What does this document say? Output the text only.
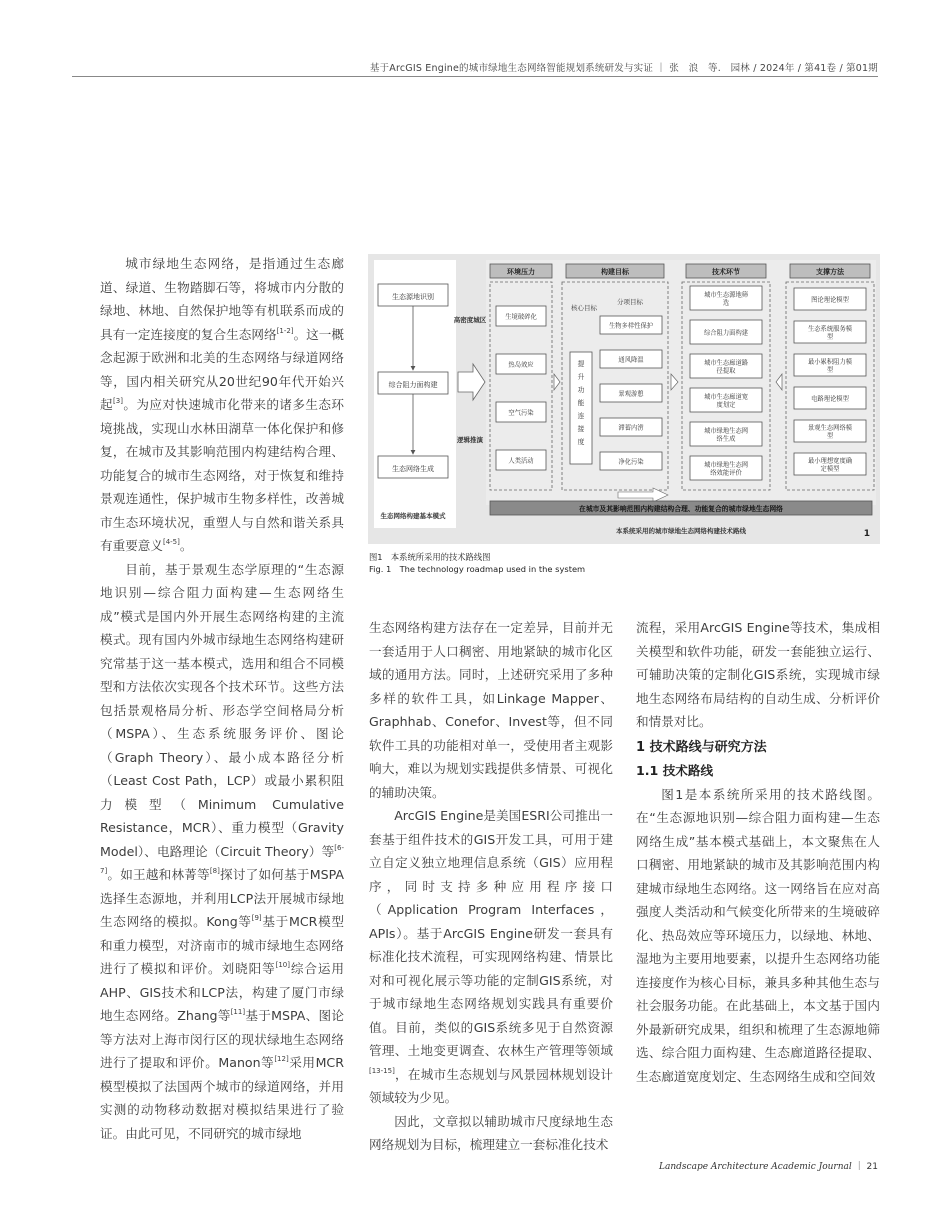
基于ArcGIS Engine的城市绿地生态网络智能规划系统研发与实证 ｜ 张　浪　等.　园林 / 2024年 / 第41卷 / 第01期

城市绿地生态网络，是指通过生态廊道、绿道、生物踏脚石等，将城市内分散的绿地、林地、自然保护地等有机联系而成的具有一定连接度的复合生态网络[1-2]。这一概念起源于欧洲和北美的生态网络与绿道网络等，国内相关研究从20世纪90年代开始兴起[3]。为应对快速城市化带来的诸多生态环境挑战，实现山水林田湖草一体化保护和修复，在城市及其影响范围内构建结构合理、功能复合的城市生态网络，对于恢复和维持景观连通性，保护城市生物多样性，改善城市生态环境状况，重塑人与自然和谐关系具有重要意义[4-5]。

目前，基于景观生态学原理的“生态源地识别—综合阻力面构建—生态网络生成”模式是国内外开展生态网络构建的主流模式。现有国内外城市绿地生态网络构建研究常基于这一基本模式，选用和组合不同模型和方法依次实现各个技术环节。这些方法包括景观格局分析、形态学空间格局分析（MSPA）、生态系统服务评价、图论（Graph Theory）、最小成本路径分析（Least Cost Path，LCP）或最小累积阻力模型（Minimum Cumulative Resistance，MCR）、重力模型（Gravity Model）、电路理论（Circuit Theory）等[6-7]。如王越和林菁等[8]探讨了如何基于MSPA选择生态源地，并利用LCP法开展城市绿地生态网络的模拟。Kong等[9]基于MCR模型和重力模型，对济南市的城市绿地生态网络进行了模拟和评价。刘晓阳等[10]综合运用AHP、GIS技术和LCP法，构建了厦门市绿地生态网络。Zhang等[11]基于MSPA、图论等方法对上海市闵行区的现状绿地生态网络进行了提取和评价。Manon等[12]采用MCR模型模拟了法国两个城市的绿道网络，并用实测的动物移动数据对模拟结果进行了验证。由此可见，不同研究的城市绿地

生态源地识别
综合阻力面构建
生态网络生成
生态网络构建基本模式
高密度城区
逻辑推演
环境压力	构建目标	技术环节	支撑方法
生境破碎化
热岛效应
空气污染
人类活动
核心目标
提
升
功
能
连
接
度
分项目标
生物多样性保护
通风降温
景观游憩
滞蓄内涝
净化污染
城市生态源地筛
选
综合阻力面构建
城市生态廊道路
径提取
城市生态廊道宽
度划定
城市绿地生态网
络生成
城市绿地生态网
络效能评价
图论理论模型
生态系统服务模
型
最小累积阻力模
型
电路理论模型
景观生态网络模
型
最小理想宽度确
定模型
在城市及其影响范围内构建结构合理、功能复合的城市绿地生态网络
本系统采用的城市绿地生态网络构建技术路线	1
图1　本系统所采用的技术路线图
Fig. 1　The technology roadmap used in the system

生态网络构建方法存在一定差异，目前并无一套适用于人口稠密、用地紧缺的城市化区域的通用方法。同时，上述研究采用了多种多样的软件工具，如Linkage Mapper、Graphhab、Conefor、Invest等，但不同软件工具的功能相对单一，受使用者主观影响大，难以为规划实践提供多情景、可视化的辅助决策。

ArcGIS Engine是美国ESRI公司推出一套基于组件技术的GIS开发工具，可用于建立自定义独立地理信息系统（GIS）应用程序，同时支持多种应用程序接口（Application Program Interfaces，APIs）。基于ArcGIS Engine研发一套具有标准化技术流程，可实现网络构建、情景比对和可视化展示等功能的定制GIS系统，对于城市绿地生态网络规划实践具有重要价值。目前，类似的GIS系统多见于自然资源管理、土地变更调查、农林生产管理等领域[13-15]，在城市生态规划与风景园林规划设计领域较为少见。

因此，文章拟以辅助城市尺度绿地生态网络规划为目标，梳理建立一套标准化技术

流程，采用ArcGIS Engine等技术，集成相关模型和软件功能，研发一套能独立运行、可辅助决策的定制化GIS系统，实现城市绿地生态网络布局结构的自动生成、分析评价和情景对比。

1 技术路线与研究方法

1.1 技术路线

图1是本系统所采用的技术路线图。在“生态源地识别—综合阻力面构建—生态网络生成”基本模式基础上，本文聚焦在人口稠密、用地紧缺的城市及其影响范围内构建城市绿地生态网络。这一网络旨在应对高强度人类活动和气候变化所带来的生境破碎化、热岛效应等环境压力，以绿地、林地、湿地为主要用地要素，以提升生态网络功能连接度作为核心目标，兼具多种其他生态与社会服务功能。在此基础上，本文基于国内外最新研究成果，组织和梳理了生态源地筛选、综合阻力面构建、生态廊道路径提取、生态廊道宽度划定、生态网络生成和空间效

Landscape Architecture Academic Journal ｜ 21
